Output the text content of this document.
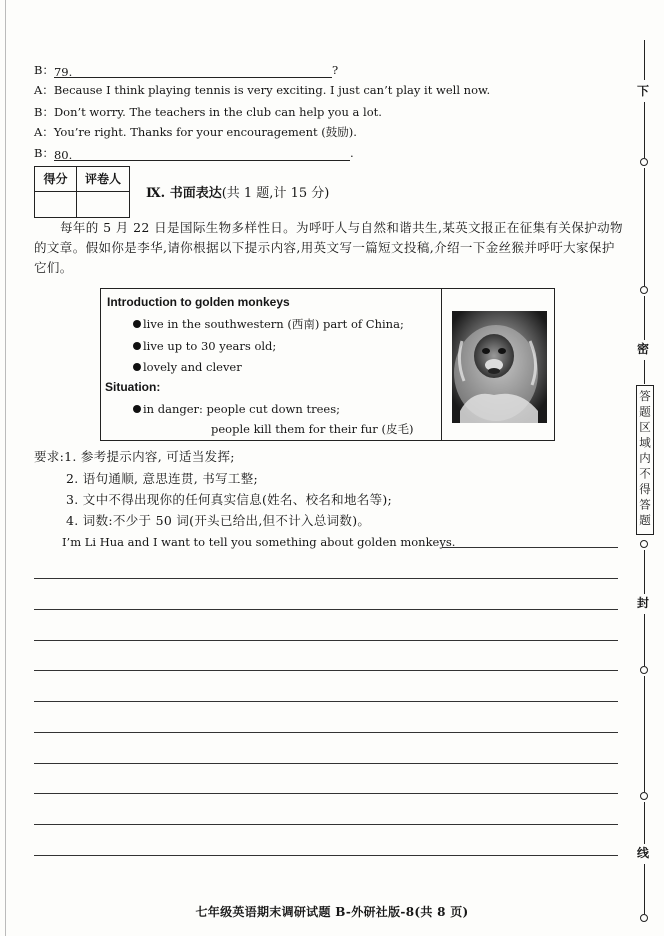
B：79.	?
A：Because I think playing tennis is very exciting. I just can’t play it well now.
B：Don’t worry. The teachers in the club can help you a lot.
A：You’re right. Thanks for your encouragement (鼓励).
B：80.	.
得分	评卷人
Ⅸ. 书面表达(共 1 题,计 15 分)
每年的 5 月 22 日是国际生物多样性日。为呼吁人与自然和谐共生,某英文报正在征集有关保护动物的文章。假如你是李华,请你根据以下提示内容,用英文写一篇短文投稿,介绍一下金丝猴并呼吁大家保护它们。
Introduction to golden monkeys
live in the southwestern (西南) part of China;
live up to 30 years old;
lovely and clever
Situation:
in danger: people cut down trees;
people kill them for their fur (皮毛)
要求:1. 参考提示内容, 可适当发挥;
2. 语句通顺, 意思连贯, 书写工整;
3. 文中不得出现你的任何真实信息(姓名、校名和地名等);
4. 词数:不少于 50 词(开头已给出,但不计入总词数)。
I’m Li Hua and I want to tell you something about golden monkeys.
七年级英语期末调研试题 B-外研社版-8(共 8 页)
下
密
答题区域内不得答题
封
线
